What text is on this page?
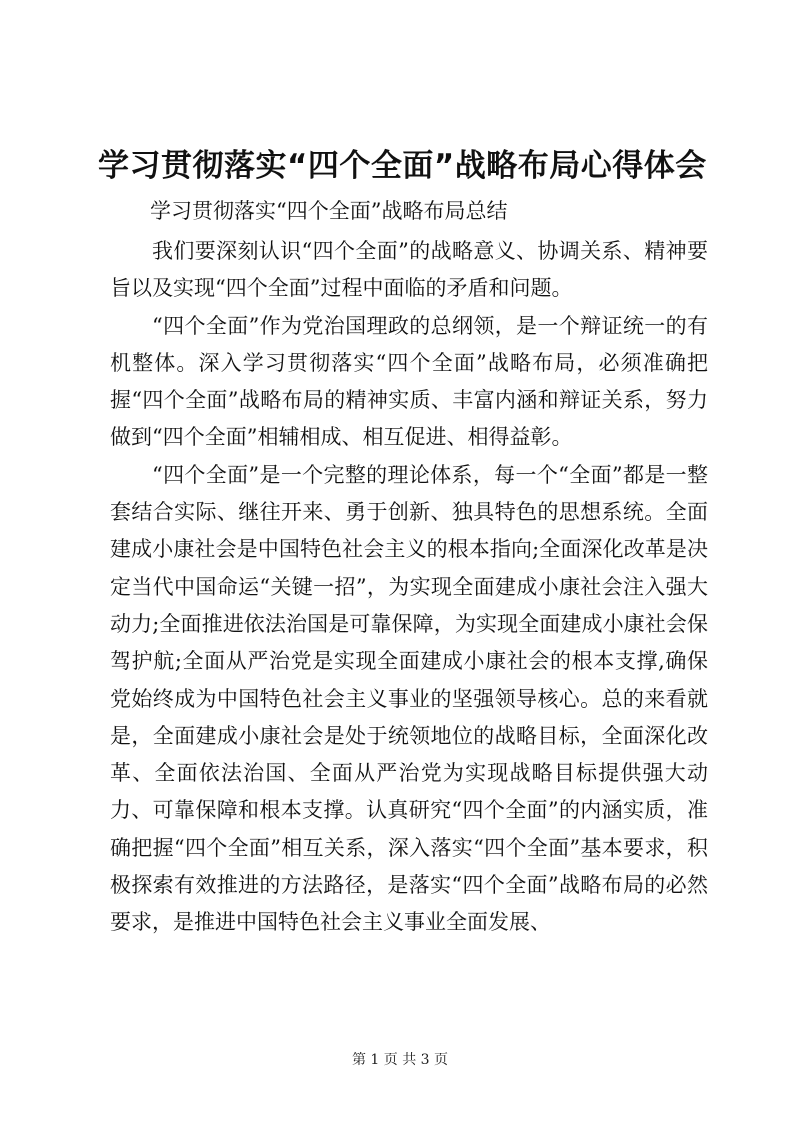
学习贯彻落实“四个全面”战略布局心得体会
学习贯彻落实“四个全面”战略布局总结

我们要深刻认识“四个全面”的战略意义、协调关系、精神要旨以及实现“四个全面”过程中面临的矛盾和问题。

“四个全面”作为党治国理政的总纲领，是一个辩证统一的有机整体。深入学习贯彻落实“四个全面”战略布局，必须准确把握“四个全面”战略布局的精神实质、丰富内涵和辩证关系，努力做到“四个全面”相辅相成、相互促进、相得益彰。

“四个全面”是一个完整的理论体系，每一个“全面”都是一整套结合实际、继往开来、勇于创新、独具特色的思想系统。全面建成小康社会是中国特色社会主义的根本指向;全面深化改革是决定当代中国命运“关键一招”，为实现全面建成小康社会注入强大动力;全面推进依法治国是可靠保障，为实现全面建成小康社会保驾护航;全面从严治党是实现全面建成小康社会的根本支撑,确保党始终成为中国特色社会主义事业的坚强领导核心。总的来看就是，全面建成小康社会是处于统领地位的战略目标，全面深化改革、全面依法治国、全面从严治党为实现战略目标提供强大动力、可靠保障和根本支撑。认真研究“四个全面”的内涵实质，准确把握“四个全面”相互关系，深入落实“四个全面”基本要求，积极探索有效推进的方法路径，是落实“四个全面”战略布局的必然要求，是推进中国特色社会主义事业全面发展、

第 1 页 共 3 页
